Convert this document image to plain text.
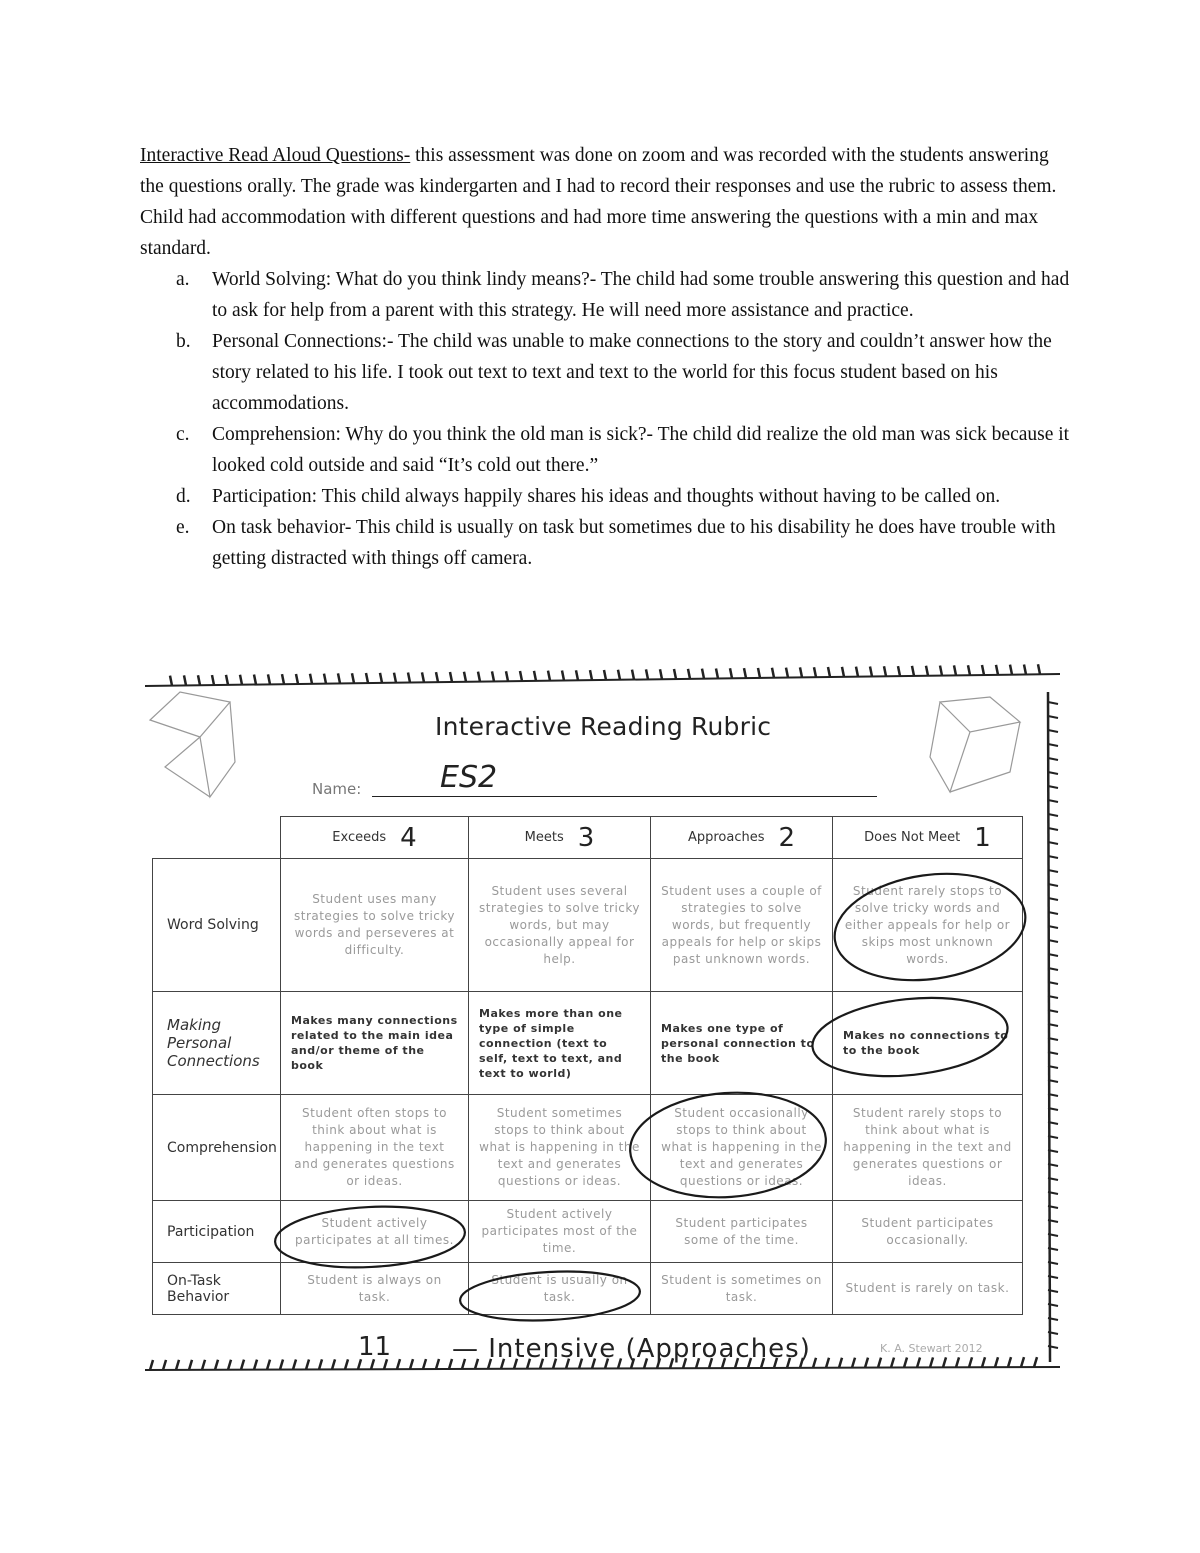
Interactive Read Aloud Questions- this assessment was done on zoom and was recorded with the students answering the questions orally. The grade was kindergarten and I had to record their responses and use the rubric to assess them. Child had accommodation with different questions and had more time answering the questions with a min and max standard.

a. World Solving: What do you think lindy means?- The child had some trouble answering this question and had to ask for help from a parent with this strategy. He will need more assistance and practice.
b. Personal Connections:- The child was unable to make connections to the story and couldn’t answer how the story related to his life. I took out text to text and text to the world for this focus student based on his accommodations.
c. Comprehension: Why do you think the old man is sick?- The child did realize the old man was sick because it looked cold outside and said “It’s cold out there.”
d. Participation: This child always happily shares his ideas and thoughts without having to be called on.
e. On task behavior- This child is usually on task but sometimes due to his disability he does have trouble with getting distracted with things off camera.
Interactive Reading Rubric
Name:	ES2
	Exceeds 4	Meets 3	Approaches 2	Does Not Meet 1
Word Solving	Student uses many strategies to solve tricky words and perseveres at difficulty.	Student uses several strategies to solve tricky words, but may occasionally appeal for help.	Student uses a couple of strategies to solve words, but frequently appeals for help or skips past unknown words.	Student rarely stops to solve tricky words and either appeals for help or skips most unknown words.
Making Personal Connections	Makes many connections related to the main idea and/or theme of the book	Makes more than one type of simple connection (text to self, text to text, and text to world)	Makes one type of personal connection to the book	Makes no connections to to the book
Comprehension	Student often stops to think about what is happening in the text and generates questions or ideas.	Student sometimes stops to think about what is happening in the text and generates questions or ideas.	Student occasionally stops to think about what is happening in the text and generates questions or ideas.	Student rarely stops to think about what is happening in the text and generates questions or ideas.
Participation	Student actively participates at all times.	Student actively participates most of the time.	Student participates some of the time.	Student participates occasionally.
On-Task Behavior	Student is always on task.	Student is usually on task.	Student is sometimes on task.	Student is rarely on task.
11 — Intensive (Approaches)	K. A. Stewart 2012
